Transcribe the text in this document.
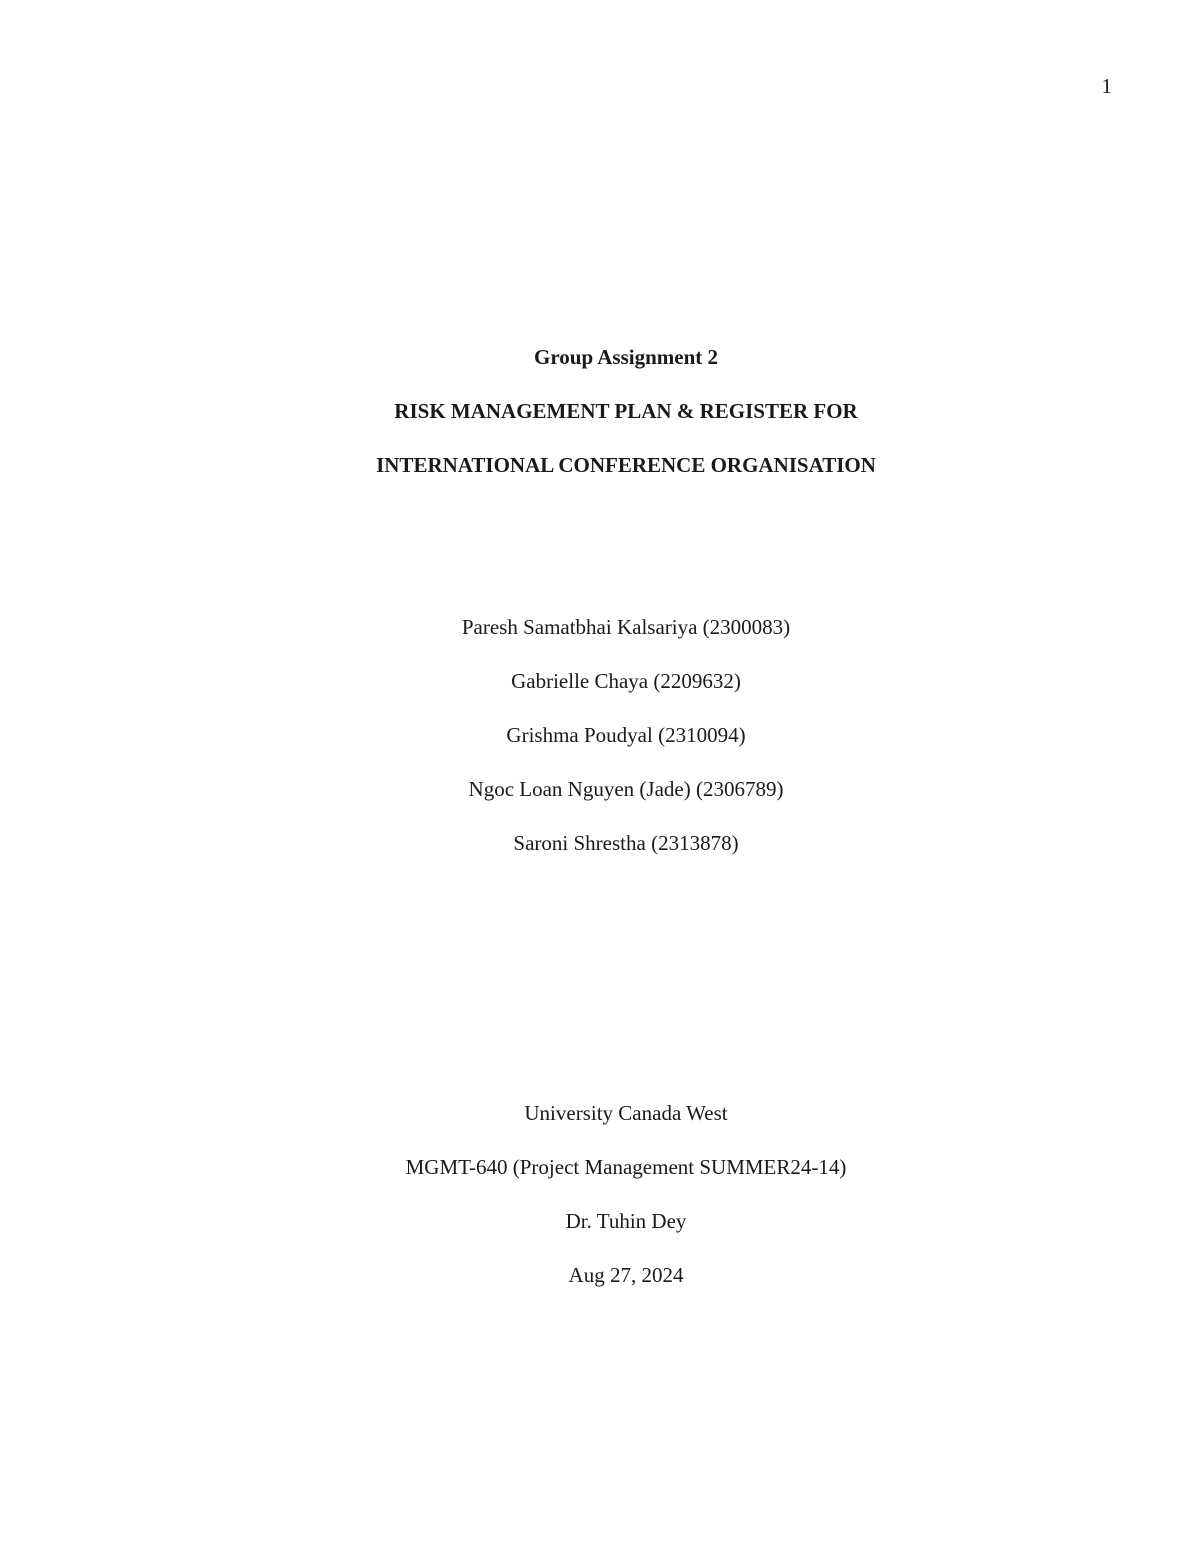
1
Group Assignment 2
RISK MANAGEMENT PLAN & REGISTER FOR
INTERNATIONAL CONFERENCE ORGANISATION
Paresh Samatbhai Kalsariya (2300083)
Gabrielle Chaya (2209632)
Grishma Poudyal (2310094)
Ngoc Loan Nguyen (Jade) (2306789)
Saroni Shrestha (2313878)
University Canada West
MGMT-640 (Project Management SUMMER24-14)
Dr. Tuhin Dey
Aug 27, 2024
